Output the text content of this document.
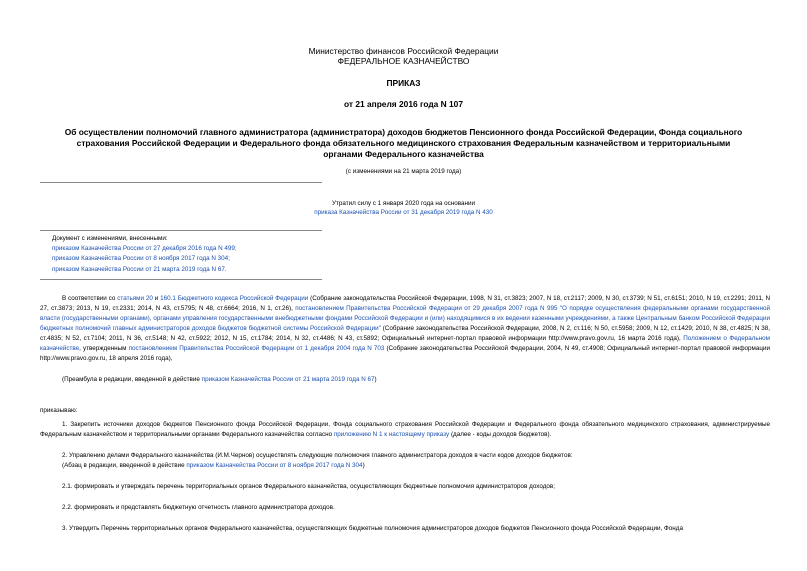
Министерство финансов Российской Федерации
ФЕДЕРАЛЬНОЕ КАЗНАЧЕЙСТВО
ПРИКАЗ
от 21 апреля 2016 года N 107
Об осуществлении полномочий главного администратора (администратора) доходов бюджетов Пенсионного фонда Российской Федерации, Фонда социального
страхования Российской Федерации и Федерального фонда обязательного медицинского страхования Федеральным казначейством и территориальными
органами Федерального казначейства
(с изменениями на 21 марта 2019 года)
Утратил силу с 1 января 2020 года на основании
приказа Казначейства России от 31 декабря 2019 года N 430
Документ с изменениями, внесенными:
приказом Казначейства России от 27 декабря 2016 года N 499;
приказом Казначейства России от 8 ноября 2017 года N 304;
приказом Казначейства России от 21 марта 2019 года N 67.
В соответствии со статьями 20 и 160.1 Бюджетного кодекса Российской Федерации (Собрание законодательства Российской Федерации, 1998, N 31, ст.3823; 2007, N 18, ст.2117; 2009, N 30, ст.3739; N 51, ст.6151; 2010, N 19, ст.2291; 2011, N 27, ст.3873; 2013, N 19, ст.2331; 2014, N 43, ст.5795; N 48, ст.6664; 2016, N 1, ст.26), постановлением Правительства Российской Федерации от 29 декабря 2007 года N 995 "О порядке осуществления федеральными органами государственной власти (государственными органами), органами управления государственными внебюджетными фондами Российской Федерации и (или) находящимися в их ведении казенными учреждениями, а также Центральным банком Российской Федерации бюджетных полномочий главных администраторов доходов бюджетов бюджетной системы Российской Федерации" (Собрание законодательства Российской Федерации, 2008, N 2, ст.116; N 50, ст.5958; 2009, N 12, ст.1429; 2010, N 38, ст.4825; N 38, ст.4835; N 52, ст.7104; 2011, N 36, ст.5148; N 42, ст.5922; 2012, N 15, ст.1784; 2014, N 32, ст.4486; N 43, ст.5892; Официальный интернет-портал правовой информации http://www.pravo.gov.ru, 16 марта 2016 года), Положением о Федеральном казначействе, утвержденным постановлением Правительства Российской Федерации от 1 декабря 2004 года N 703 (Собрание законодательства Российской Федерации, 2004, N 49, ст.4908; Официальный интернет-портал правовой информации http://www.pravo.gov.ru, 18 апреля 2016 года),
(Преамбула в редакции, введенной в действие приказом Казначейства России от 21 марта 2019 года N 67)
приказываю:
1. Закрепить источники доходов бюджетов Пенсионного фонда Российской Федерации, Фонда социального страхования Российской Федерации и Федерального фонда обязательного медицинского страхования, администрируемые Федеральным казначейством и территориальными органами Федерального казначейства согласно приложению N 1 к настоящему приказу (далее - коды доходов бюджетов).
2. Управлению делами Федерального казначейства (И.М.Чернов) осуществлять следующие полномочия главного администратора доходов в части кодов доходов бюджетов:
(Абзац в редакции, введенной в действие приказом Казначейства России от 8 ноября 2017 года N 304)
2.1. формировать и утверждать перечень территориальных органов Федерального казначейства, осуществляющих бюджетные полномочия администраторов доходов;
2.2. формировать и представлять бюджетную отчетность главного администратора доходов.
3. Утвердить Перечень территориальных органов Федерального казначейства, осуществляющих бюджетные полномочия администраторов доходов бюджетов Пенсионного фонда Российской Федерации, Фонда
